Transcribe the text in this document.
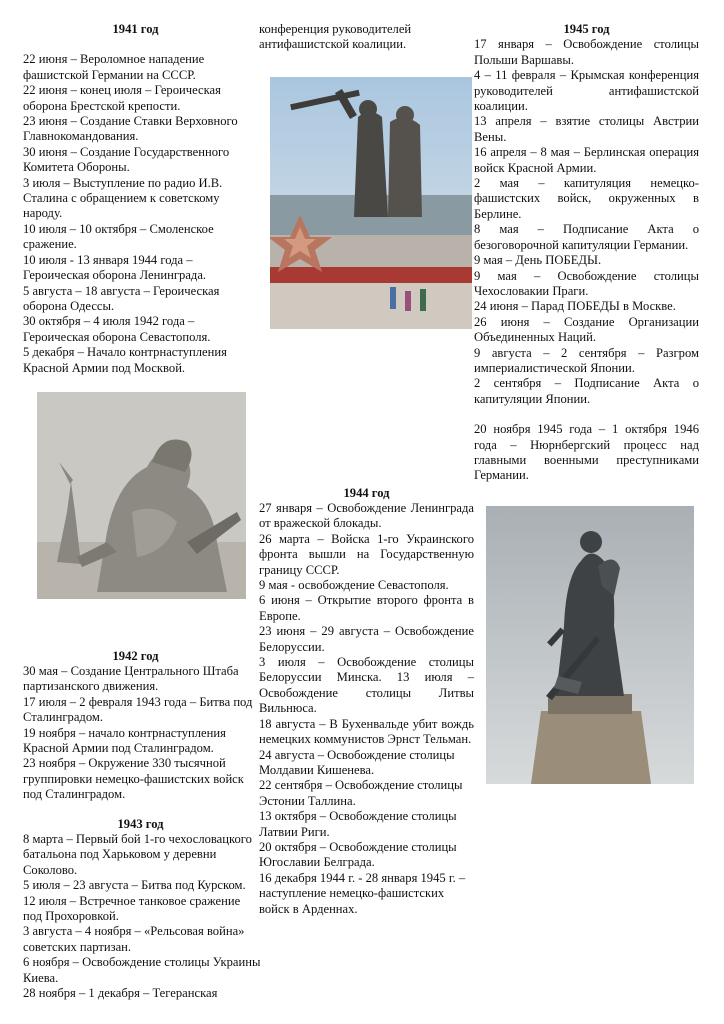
1941 год

22 июня – Вероломное нападение фашистской Германии на СССР.

22 июня – конец июля – Героическая оборона Брестской крепости.

23 июня – Создание Ставки Верховного Главнокомандования.

30 июня – Создание Государственного Комитета Обороны.

3 июля – Выступление по радио И.В. Сталина с обращением к советскому народу.

10 июля – 10 октября – Смоленское сражение.

10 июля - 13 января 1944 года – Героическая оборона Ленинграда.

5 августа – 18 августа – Героическая оборона Одессы.

30 октября – 4 июля 1942 года – Героическая оборона Севастополя.

5 декабря – Начало контрнаступления Красной Армии под Москвой.

1942 год

30 мая – Создание Центрального Штаба партизанского движения.

17 июля – 2 февраля 1943 года – Битва под Сталинградом.

19 ноября – начало контрнаступления Красной Армии под Сталинградом.

23 ноября – Окружение 330 тысячной группировки немецко-фашистских войск под Сталинградом.

1943 год

8 марта – Первый бой 1-го чехословацкого батальона под Харьковом у деревни Соколово.

5 июля – 23 августа – Битва под Курском.

12 июля – Встречное танковое сражение под Прохоровкой.

3 августа – 4 ноября – «Рельсовая война» советских партизан.

6 ноября – Освобождение столицы Украины Киева.

28 ноября – 1 декабря – Тегеранская

конференция руководителей антифашистской коалиции.

1944 год

27 января – Освобождение Ленинграда от вражеской блокады.

26 марта – Войска 1-го Украинского фронта вышли на Государственную границу СССР.

9 мая - освобождение Севастополя.

6 июня – Открытие второго фронта в Европе.

23 июня – 29 августа – Освобождение Белоруссии.

3 июля – Освобождение столицы Белоруссии Минска. 13 июля – Освобождение столицы Литвы Вильнюса.

18 августа – В Бухенвальде убит вождь немецких коммунистов Эрнст Тельман.

24 августа – Освобождение столицы Молдавии Кишенева.

22 сентября – Освобождение столицы Эстонии Таллина.

13 октября – Освобождение столицы Латвии Риги.

20 октября – Освобождение столицы Югославии Белграда.

16 декабря 1944 г. - 28 января 1945 г. – наступление немецко-фашистских войск в Арденнах.

1945 год

17 января – Освобождение столицы Польши Варшавы.

4 – 11 февраля – Крымская конференция руководителей антифашистской коалиции.

13 апреля – взятие столицы Австрии Вены.

16 апреля – 8 мая – Берлинская операция войск Красной Армии.

2 мая – капитуляция немецко-фашистских войск, окруженных в Берлине.

8 мая – Подписание Акта о безоговорочной капитуляции Германии.

9 мая – День ПОБЕДЫ.

9 мая – Освобождение столицы Чехословакии Праги.

24 июня – Парад ПОБЕДЫ в Москве.

26 июня – Создание Организации Объединенных Наций.

9 августа – 2 сентября – Разгром империалистической Японии.

2 сентября – Подписание Акта о капитуляции Японии.

20 ноября 1945 года – 1 октября 1946 года – Нюрнбергский процесс над главными военными преступниками Германии.
